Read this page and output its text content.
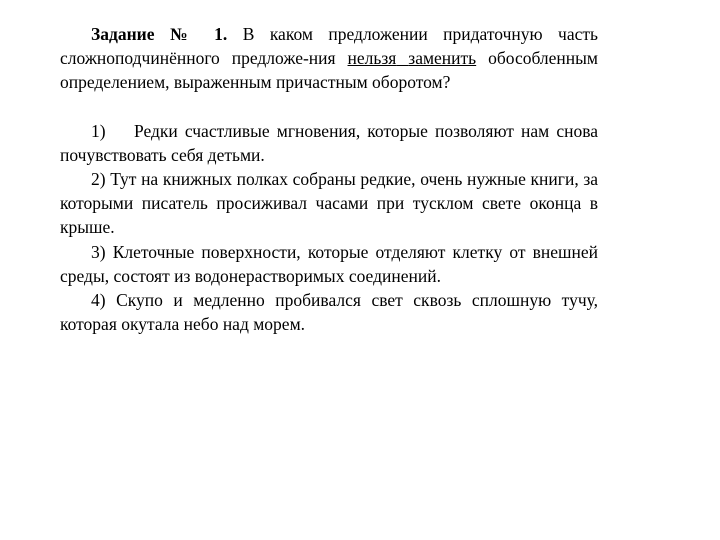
Задание № 1. В каком предложении придаточную часть сложноподчинённого предложе-ния нельзя заменить обособленным определением, выраженным причастным оборотом?

1) Редки счастливые мгновения, которые позволяют нам снова почувствовать себя детьми.

2) Тут на книжных полках собраны редкие, очень нужные книги, за которыми писатель просиживал часами при тусклом свете оконца в крыше.

3) Клеточные поверхности, которые отделяют клетку от внешней среды, состоят из водонерастворимых соединений.

4) Скупо и медленно пробивался свет сквозь сплошную тучу, которая окутала небо над морем.
